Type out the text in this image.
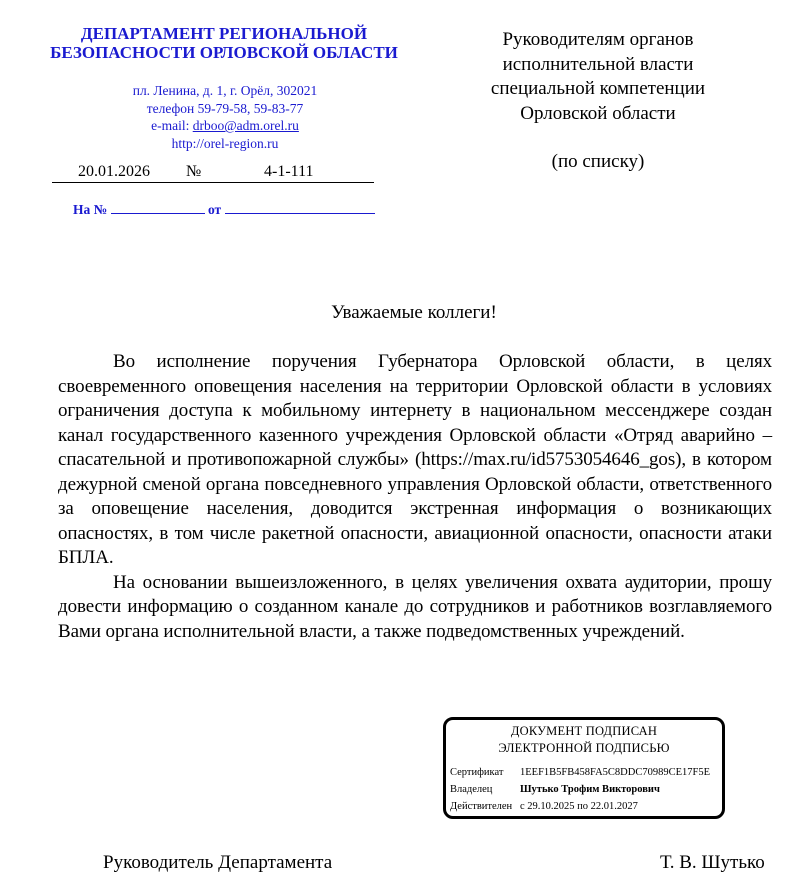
ДЕПАРТАМЕНТ РЕГИОНАЛЬНОЙ
БЕЗОПАСНОСТИ ОРЛОВСКОЙ ОБЛАСТИ
пл. Ленина, д. 1, г. Орёл, 302021
телефон 59-79-58, 59-83-77
e-mail: drboo@adm.orel.ru
http://orel-region.ru
20.01.2026 №	4-1-111
На №	от
Руководителям органов
исполнительной власти
специальной компетенции
Орловской области
(по списку)
Уважаемые коллеги!

Во исполнение поручения Губернатора Орловской области, в целях своевременного оповещения населения на территории Орловской области в условиях ограничения доступа к мобильному интернету в национальном мессенджере создан канал государственного казенного учреждения Орловской области «Отряд аварийно – спасательной и противопожарной службы» (https://max.ru/id5753054646_gos), в котором дежурной сменой органа повседневного управления Орловской области, ответственного за оповещение населения, доводится экстренная информация о возникающих опасностях, в том числе ракетной опасности, авиационной опасности, опасности атаки БПЛА.

На основании вышеизложенного, в целях увеличения охвата аудитории, прошу довести информацию о созданном канале до сотрудников и работников возглавляемого Вами органа исполнительной власти, а также подведомственных учреждений.

ДОКУМЕНТ ПОДПИСАН
ЭЛЕКТРОННОЙ ПОДПИСЬЮ
Сертификат 1EEF1B5FB458FA5C8DDC70989CE17F5E
Владелец	Шутько Трофим Викторович
Действителен с 29.10.2025 по 22.01.2027
Руководитель Департамента	Т. В. Шутько
